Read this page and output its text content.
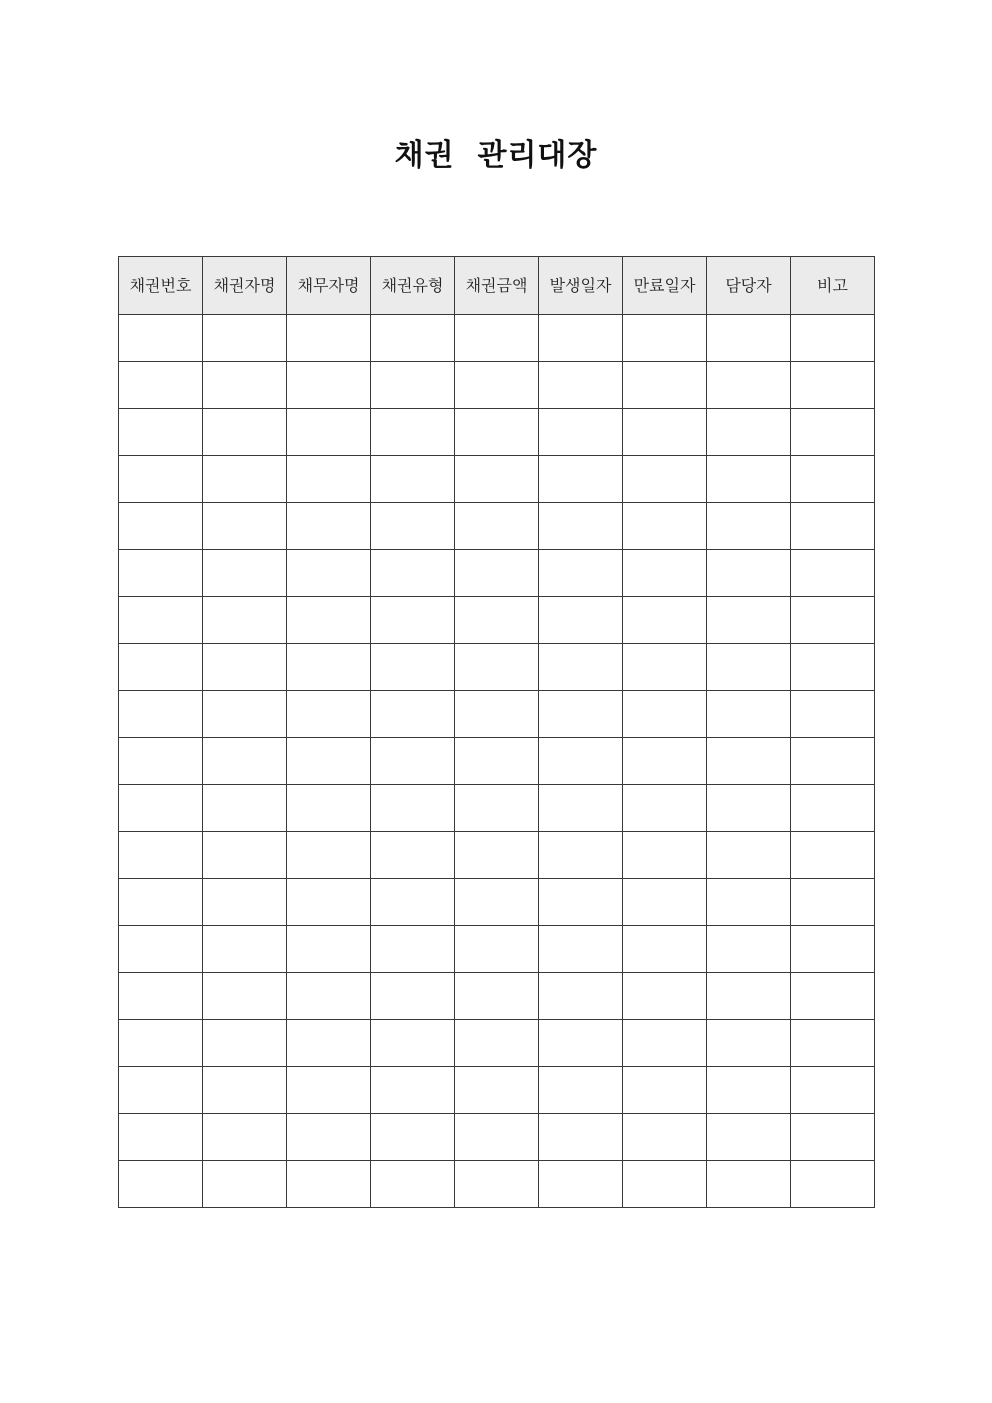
채권  관리대장
채권번호	채권자명	채무자명	채권유형	채권금액	발생일자	만료일자	담당자	비고
